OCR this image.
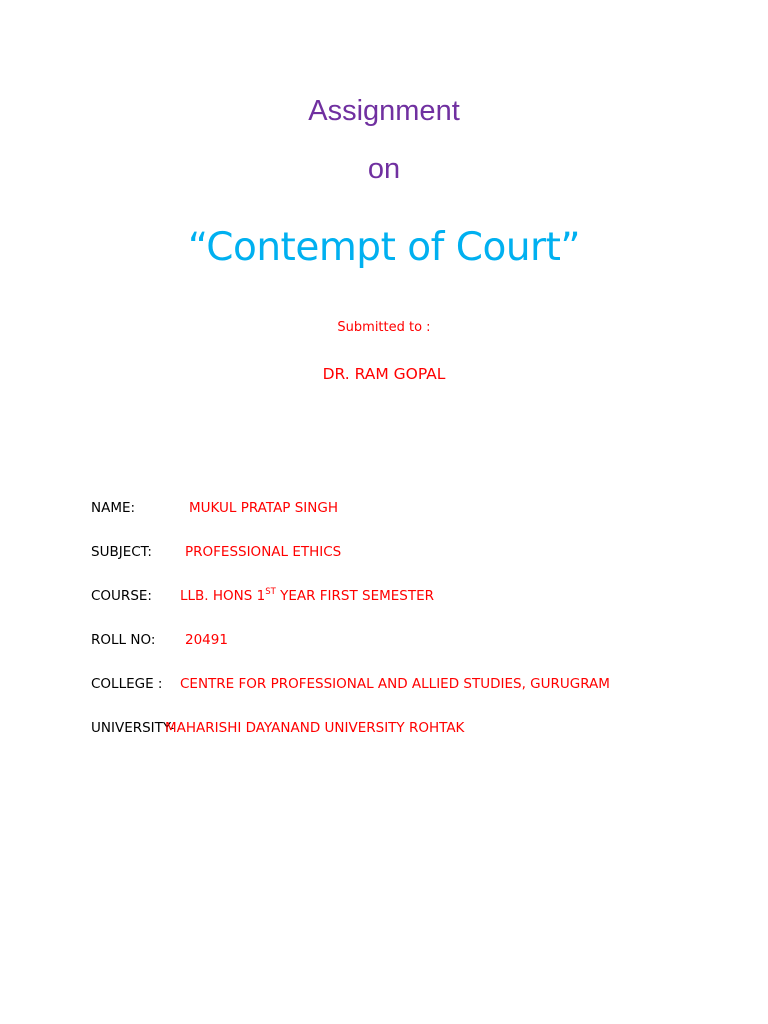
Assignment
on
“Contempt of Court”
Submitted to :
DR. RAM GOPAL
NAME:	MUKUL PRATAP SINGH
SUBJECT: PROFESSIONAL ETHICS
COURSE: LLB. HONS 1ST YEAR FIRST SEMESTER
ROLL NO: 20491
COLLEGE : CENTRE FOR PROFESSIONAL AND ALLIED STUDIES, GURUGRAM
UNIVERSITY-
MAHARISHI DAYANAND UNIVERSITY ROHTAK
